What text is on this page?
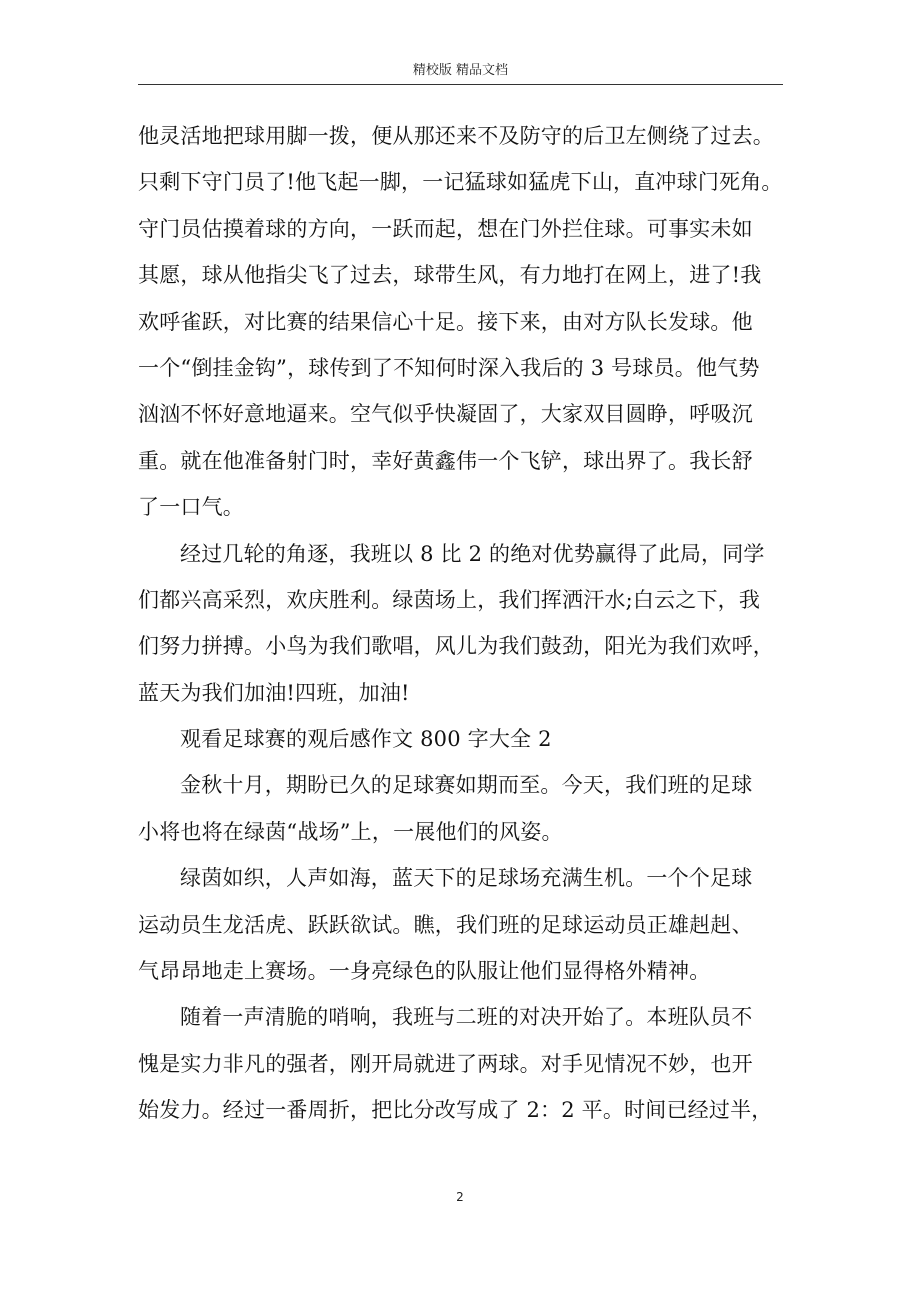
精校版 精品文档
他灵活地把球用脚一拨，便从那还来不及防守的后卫左侧绕了过去。
只剩下守门员了!他飞起一脚，一记猛球如猛虎下山，直冲球门死角。
守门员估摸着球的方向，一跃而起，想在门外拦住球。可事实未如
其愿，球从他指尖飞了过去，球带生风，有力地打在网上，进了!我
欢呼雀跃，对比赛的结果信心十足。接下来，由对方队长发球。他
一个“倒挂金钩”，球传到了不知何时深入我后的 3 号球员。他气势
汹汹不怀好意地逼来。空气似乎快凝固了，大家双目圆睁，呼吸沉
重。就在他准备射门时，幸好黄鑫伟一个飞铲，球出界了。我长舒
了一口气。
经过几轮的角逐，我班以 8 比 2 的绝对优势赢得了此局，同学
们都兴高采烈，欢庆胜利。绿茵场上，我们挥洒汗水;白云之下，我
们努力拼搏。小鸟为我们歌唱，风儿为我们鼓劲，阳光为我们欢呼，
蓝天为我们加油!四班，加油!
观看足球赛的观后感作文 800 字大全 2
金秋十月，期盼已久的足球赛如期而至。今天，我们班的足球
小将也将在绿茵“战场”上，一展他们的风姿。
绿茵如织，人声如海，蓝天下的足球场充满生机。一个个足球
运动员生龙活虎、跃跃欲试。瞧，我们班的足球运动员正雄赳赳、
气昂昂地走上赛场。一身亮绿色的队服让他们显得格外精神。
随着一声清脆的哨响，我班与二班的对决开始了。本班队员不
愧是实力非凡的强者，刚开局就进了两球。对手见情况不妙，也开
始发力。经过一番周折，把比分改写成了 2：2 平。时间已经过半，
2
